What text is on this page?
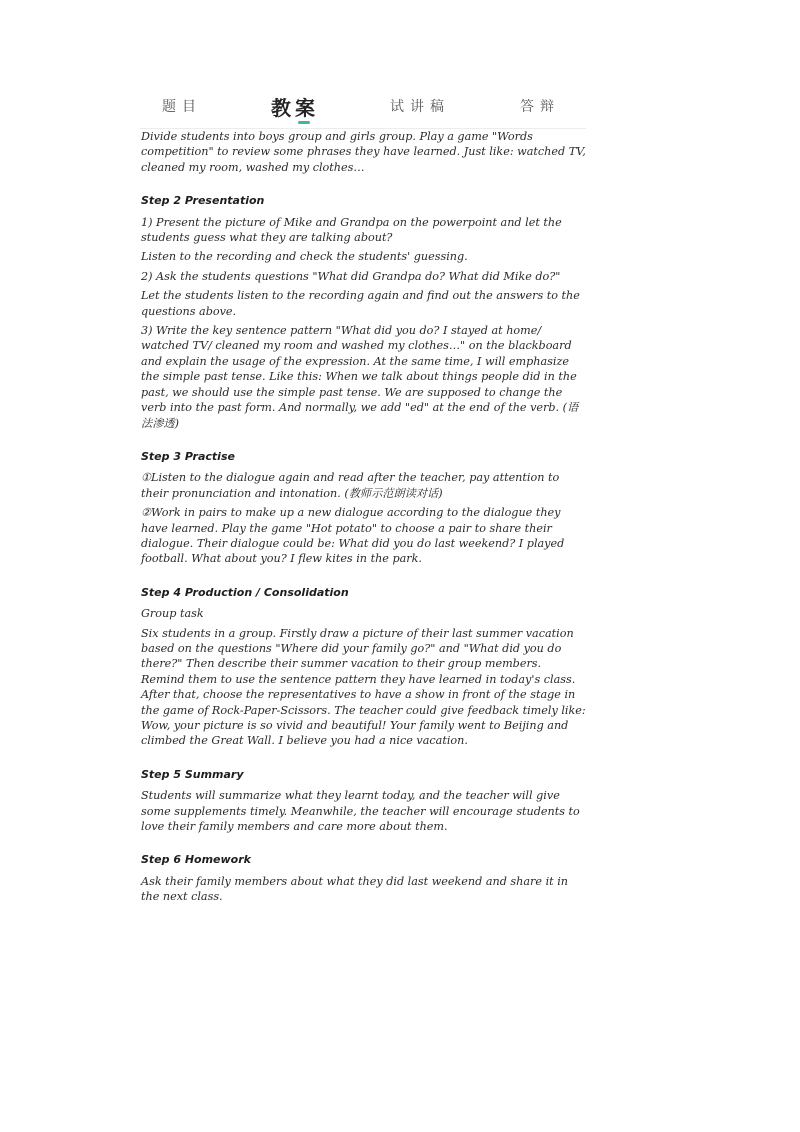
题目	教案	试讲稿	答辩

Divide students into boys group and girls group. Play a game "Words competition" to review some phrases they have learned. Just like: watched TV, cleaned my room, washed my clothes…

Step 2 Presentation

1) Present the picture of Mike and Grandpa on the powerpoint and let the students guess what they are talking about?

Listen to the recording and check the students' guessing.

2) Ask the students questions "What did Grandpa do? What did Mike do?"

Let the students listen to the recording again and find out the answers to the questions above.

3) Write the key sentence pattern "What did you do? I stayed at home/ watched TV/ cleaned my room and washed my clothes…" on the blackboard and explain the usage of the expression. At the same time, I will emphasize the simple past tense. Like this: When we talk about things people did in the past, we should use the simple past tense. We are supposed to change the verb into the past form. And normally, we add "ed" at the end of the verb. (语法渗透)

Step 3 Practise

①Listen to the dialogue again and read after the teacher, pay attention to their pronunciation and intonation. (教师示范朗读对话)

②Work in pairs to make up a new dialogue according to the dialogue they have learned. Play the game "Hot potato" to choose a pair to share their dialogue. Their dialogue could be: What did you do last weekend? I played football. What about you? I flew kites in the park.

Step 4 Production / Consolidation

Group task

Six students in a group. Firstly draw a picture of their last summer vacation based on the questions "Where did your family go?" and "What did you do there?" Then describe their summer vacation to their group members. Remind them to use the sentence pattern they have learned in today's class. After that, choose the representatives to have a show in front of the stage in the game of Rock-Paper-Scissors. The teacher could give feedback timely like: Wow, your picture is so vivid and beautiful! Your family went to Beijing and climbed the Great Wall. I believe you had a nice vacation.

Step 5 Summary

Students will summarize what they learnt today, and the teacher will give some supplements timely. Meanwhile, the teacher will encourage students to love their family members and care more about them.

Step 6 Homework

Ask their family members about what they did last weekend and share it in the next class.
